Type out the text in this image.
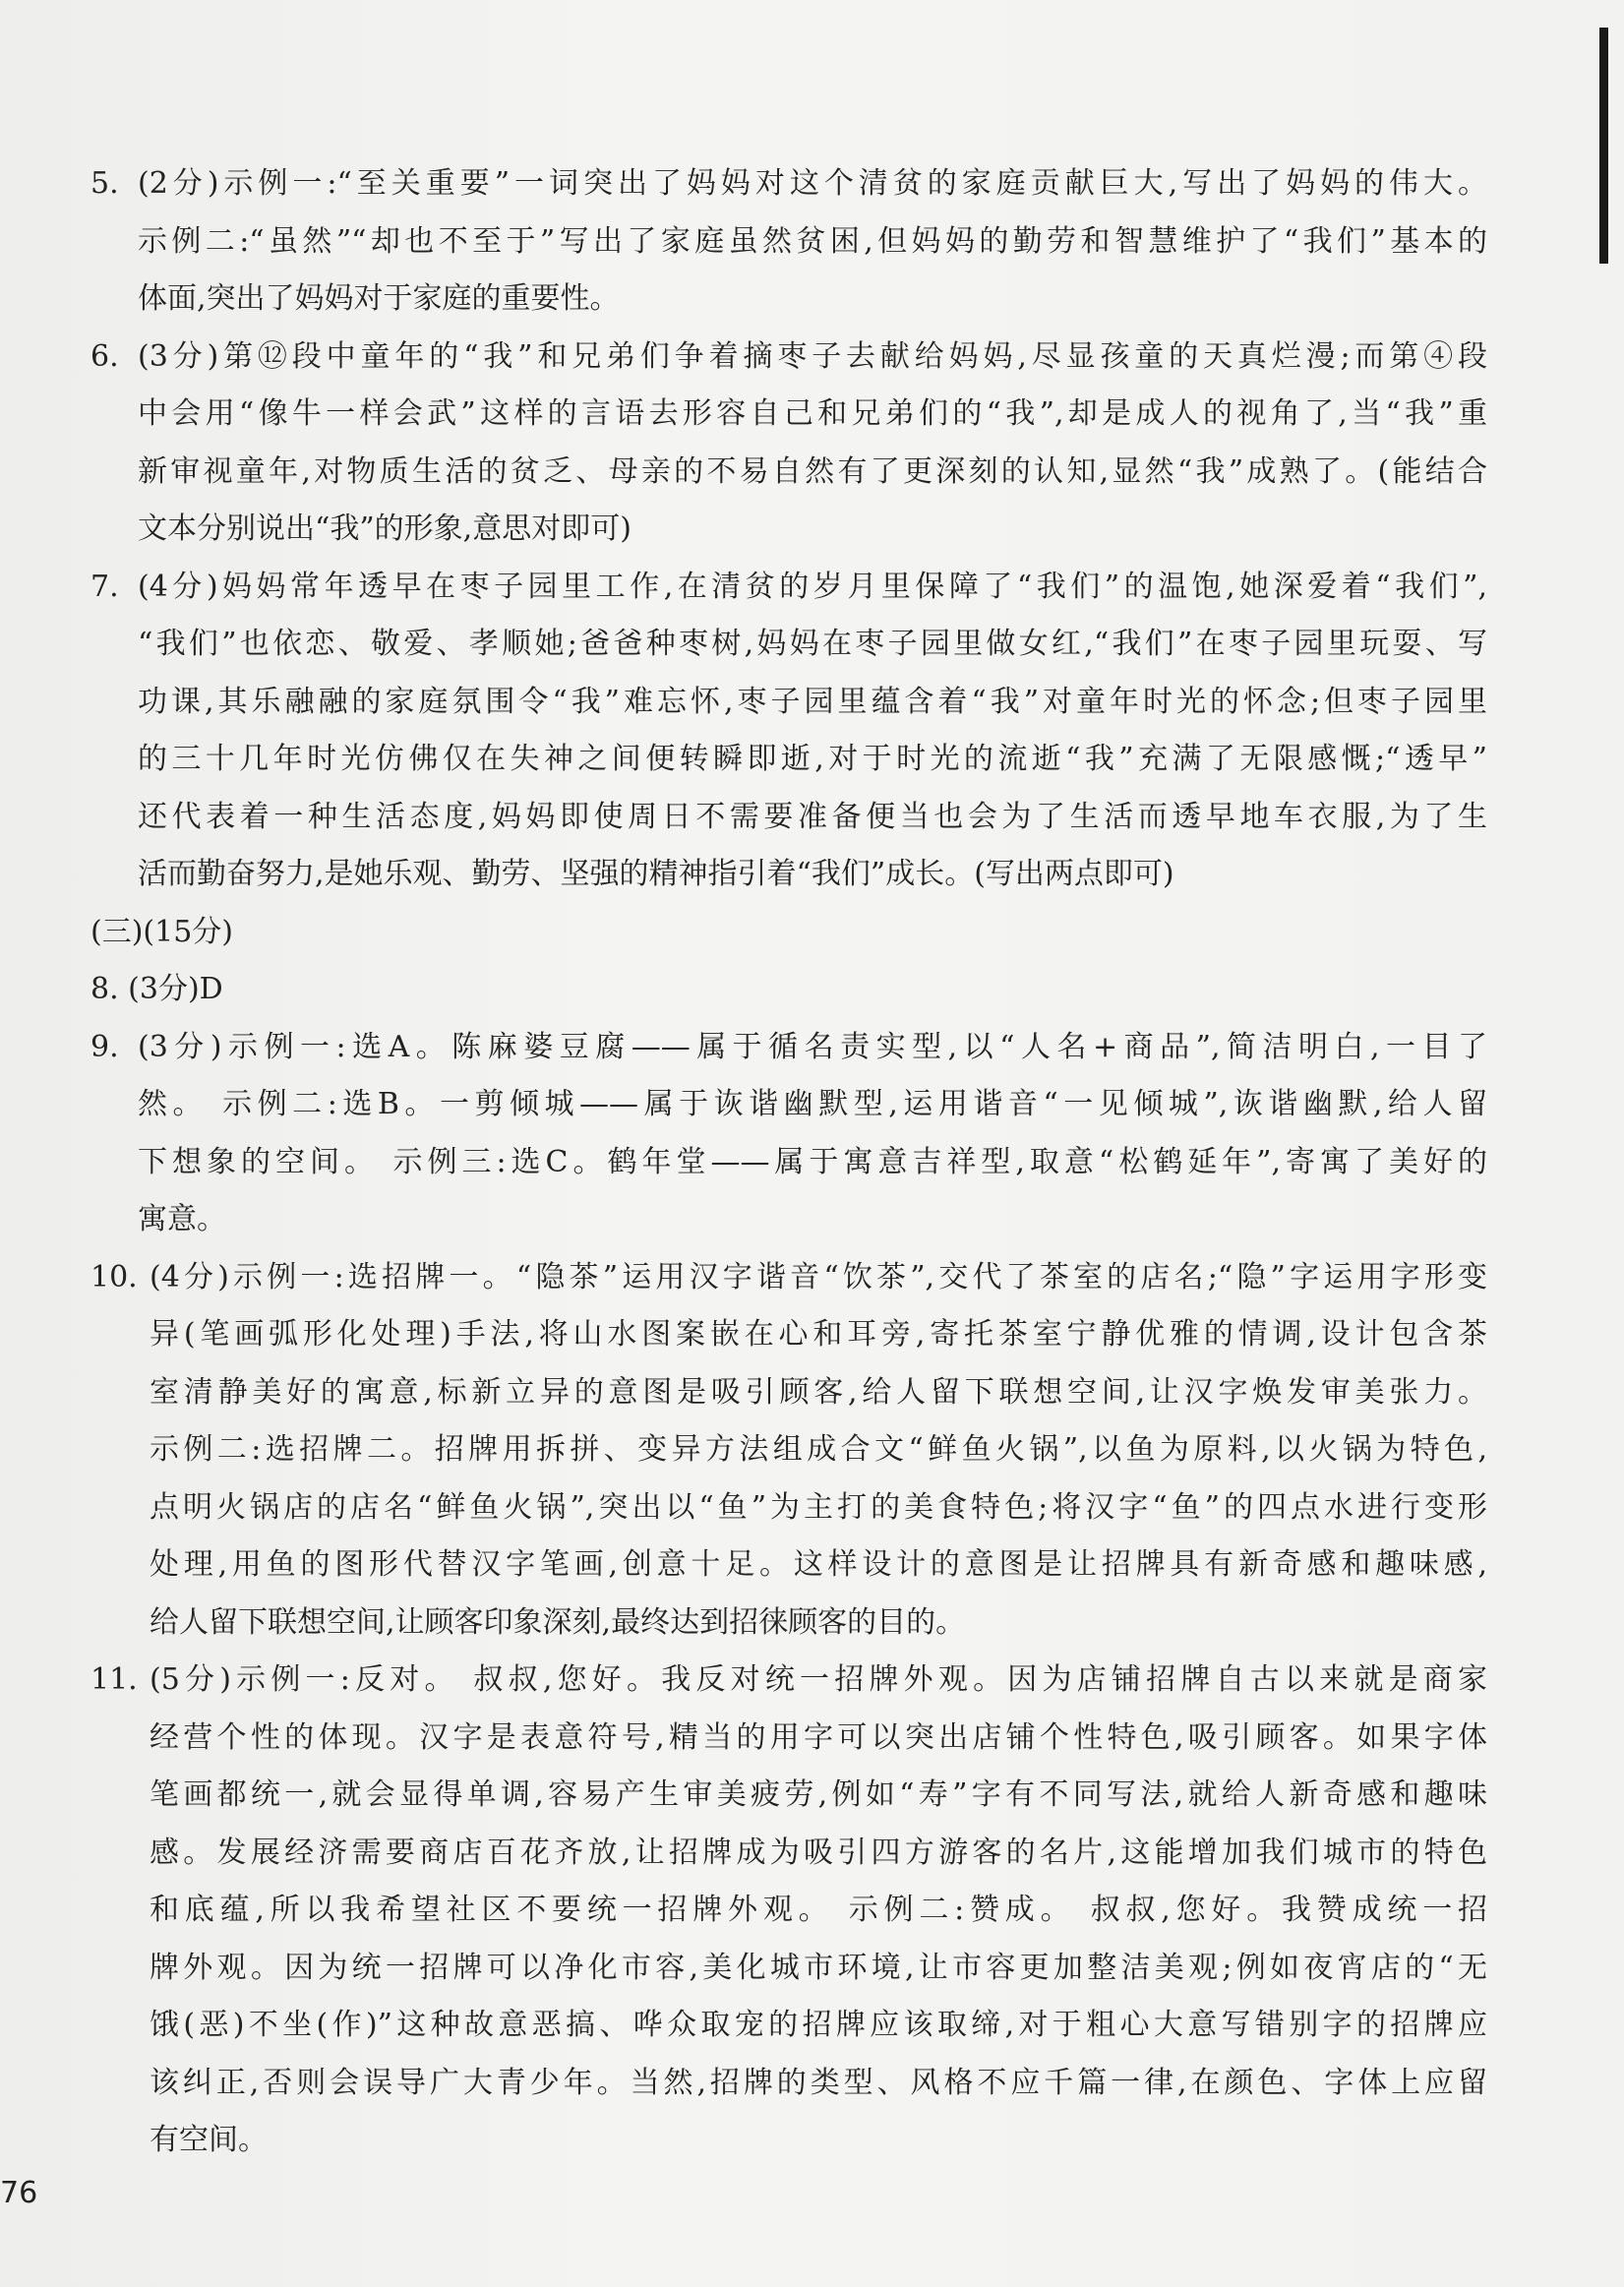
5. (2分)示例一:“至关重要”一词突出了妈妈对这个清贫的家庭贡献巨大,写出了妈妈的伟大。
示例二:“虽然”“却也不至于”写出了家庭虽然贫困,但妈妈的勤劳和智慧维护了“我们”基本的
体面,突出了妈妈对于家庭的重要性。
6. (3分)第⑫段中童年的“我”和兄弟们争着摘枣子去献给妈妈,尽显孩童的天真烂漫;而第④段
中会用“像牛一样会武”这样的言语去形容自己和兄弟们的“我”,却是成人的视角了,当“我”重
新审视童年,对物质生活的贫乏、母亲的不易自然有了更深刻的认知,显然“我”成熟了。(能结合
文本分别说出“我”的形象,意思对即可)
7. (4分)妈妈常年透早在枣子园里工作,在清贫的岁月里保障了“我们”的温饱,她深爱着“我们”,
“我们”也依恋、敬爱、孝顺她;爸爸种枣树,妈妈在枣子园里做女红,“我们”在枣子园里玩耍、写
功课,其乐融融的家庭氛围令“我”难忘怀,枣子园里蕴含着“我”对童年时光的怀念;但枣子园里
的三十几年时光仿佛仅在失神之间便转瞬即逝,对于时光的流逝“我”充满了无限感慨;“透早”
还代表着一种生活态度,妈妈即使周日不需要准备便当也会为了生活而透早地车衣服,为了生
活而勤奋努力,是她乐观、勤劳、坚强的精神指引着“我们”成长。(写出两点即可)
(三)(15分)
8. (3分)D
9. (3分)示例一:选A。陈麻婆豆腐——属于循名责实型,以“人名+商品”,简洁明白,一目了
然。 示例二:选B。一剪倾城——属于诙谐幽默型,运用谐音“一见倾城”,诙谐幽默,给人留
下想象的空间。 示例三:选C。鹤年堂——属于寓意吉祥型,取意“松鹤延年”,寄寓了美好的
寓意。
10. (4分)示例一:选招牌一。“隐茶”运用汉字谐音“饮茶”,交代了茶室的店名;“隐”字运用字形变
异(笔画弧形化处理)手法,将山水图案嵌在心和耳旁,寄托茶室宁静优雅的情调,设计包含茶
室清静美好的寓意,标新立异的意图是吸引顾客,给人留下联想空间,让汉字焕发审美张力。
示例二:选招牌二。招牌用拆拼、变异方法组成合文“鲜鱼火锅”,以鱼为原料,以火锅为特色,
点明火锅店的店名“鲜鱼火锅”,突出以“鱼”为主打的美食特色;将汉字“鱼”的四点水进行变形
处理,用鱼的图形代替汉字笔画,创意十足。这样设计的意图是让招牌具有新奇感和趣味感,
给人留下联想空间,让顾客印象深刻,最终达到招徕顾客的目的。
11. (5分)示例一:反对。 叔叔,您好。我反对统一招牌外观。因为店铺招牌自古以来就是商家
经营个性的体现。汉字是表意符号,精当的用字可以突出店铺个性特色,吸引顾客。如果字体
笔画都统一,就会显得单调,容易产生审美疲劳,例如“寿”字有不同写法,就给人新奇感和趣味
感。发展经济需要商店百花齐放,让招牌成为吸引四方游客的名片,这能增加我们城市的特色
和底蕴,所以我希望社区不要统一招牌外观。 示例二:赞成。 叔叔,您好。我赞成统一招
牌外观。因为统一招牌可以净化市容,美化城市环境,让市容更加整洁美观;例如夜宵店的“无
饿(恶)不坐(作)”这种故意恶搞、哗众取宠的招牌应该取缔,对于粗心大意写错别字的招牌应
该纠正,否则会误导广大青少年。当然,招牌的类型、风格不应千篇一律,在颜色、字体上应留
有空间。
76
